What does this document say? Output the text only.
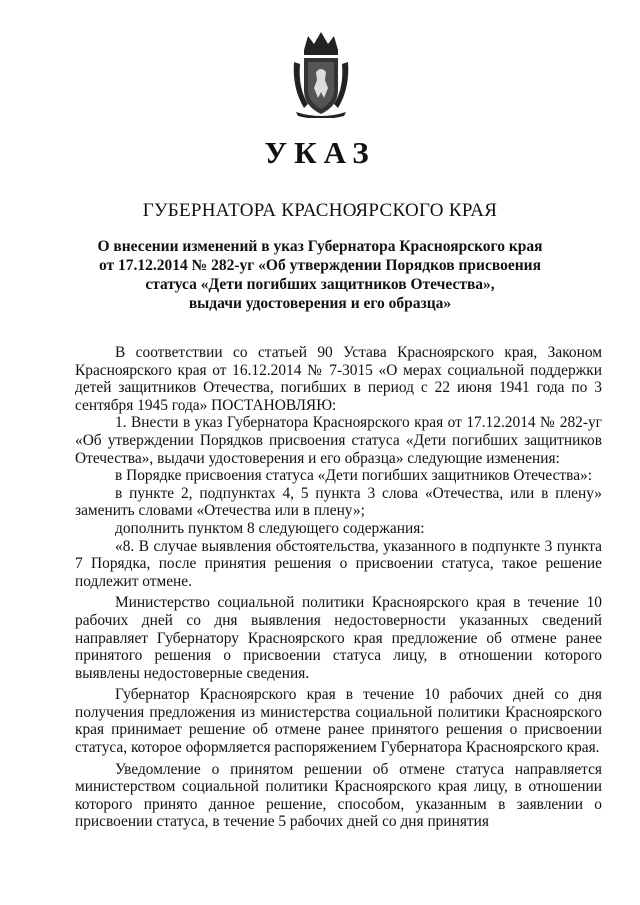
УКАЗ
ГУБЕРНАТОРА КРАСНОЯРСКОГО КРАЯ
О внесении изменений в указ Губернатора Красноярского края
от 17.12.2014 № 282-уг «Об утверждении Порядков присвоения
статуса «Дети погибших защитников Отечества»,
выдачи удостоверения и его образца»

В соответствии со статьей 90 Устава Красноярского края, Законом Красноярского края от 16.12.2014 № 7-3015 «О мерах социальной поддержки детей защитников Отечества, погибших в период с 22 июня 1941 года по 3 сентября 1945 года» ПОСТАНОВЛЯЮ:

1. Внести в указ Губернатора Красноярского края от 17.12.2014 № 282-уг «Об утверждении Порядков присвоения статуса «Дети погибших защитников Отечества», выдачи удостоверения и его образца» следующие изменения:

в Порядке присвоения статуса «Дети погибших защитников Отечества»:

в пункте 2, подпунктах 4, 5 пункта 3 слова «Отечества, или в плену» заменить словами «Отечества или в плену»;

дополнить пунктом 8 следующего содержания:

«8. В случае выявления обстоятельства, указанного в подпункте 3 пункта 7 Порядка, после принятия решения о присвоении статуса, такое решение подлежит отмене.

Министерство социальной политики Красноярского края в течение 10 рабочих дней со дня выявления недостоверности указанных сведений направляет Губернатору Красноярского края предложение об отмене ранее принятого решения о присвоении статуса лицу, в отношении которого выявлены недостоверные сведения.

Губернатор Красноярского края в течение 10 рабочих дней со дня получения предложения из министерства социальной политики Красноярского края принимает решение об отмене ранее принятого решения о присвоении статуса, которое оформляется распоряжением Губернатора Красноярского края.

Уведомление о принятом решении об отмене статуса направляется министерством социальной политики Красноярского края лицу, в отношении которого принято данное решение, способом, указанным в заявлении о присвоении статуса, в течение 5 рабочих дней со дня принятия
